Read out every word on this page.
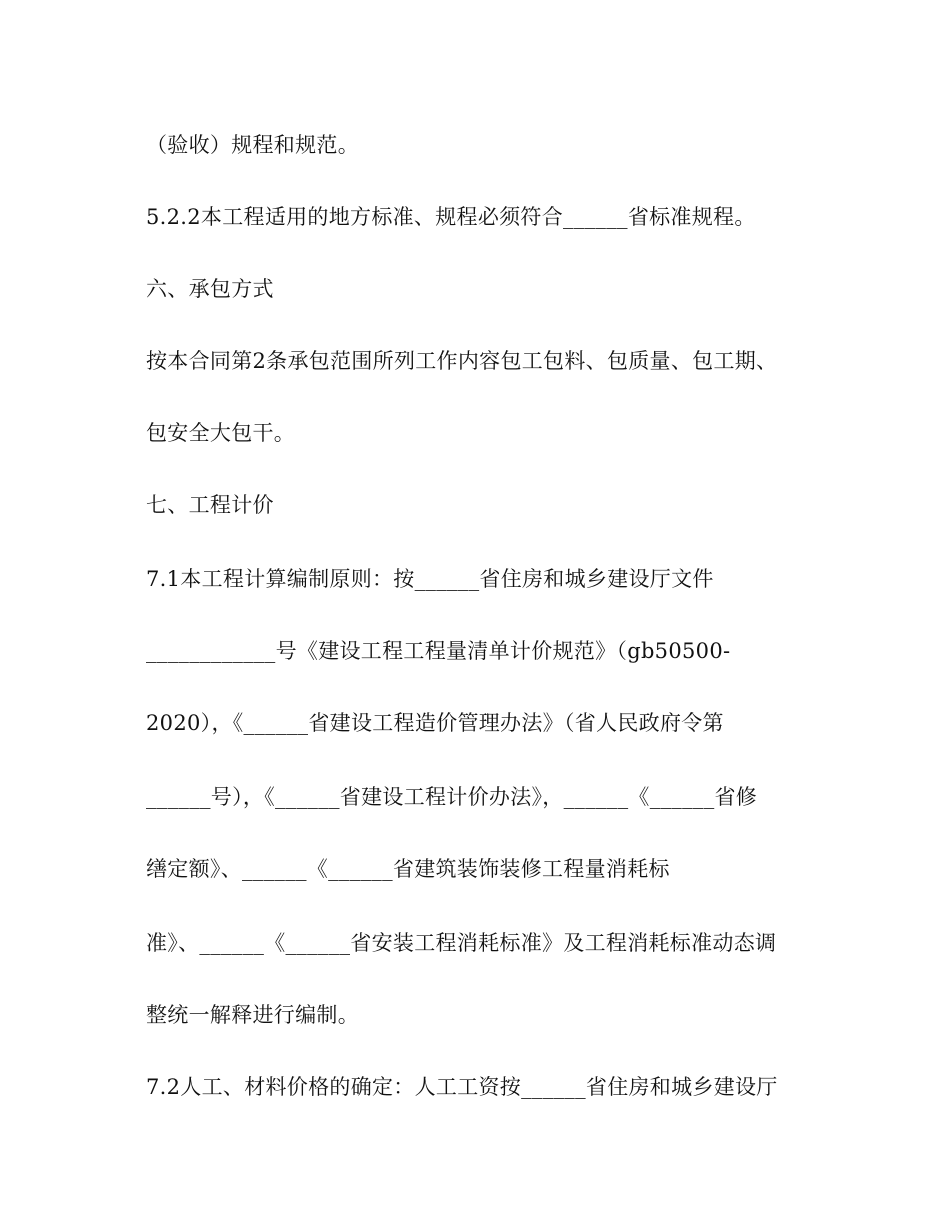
（验收）规程和规范。
5.2.2本工程适用的地方标准、规程必须符合______省标准规程。
六、承包方式
按本合同第2条承包范围所列工作内容包工包料、包质量、包工期、
包安全大包干。
七、工程计价
7.1本工程计算编制原则：按______省住房和城乡建设厅文件
____________号《建设工程工程量清单计价规范》（gb50500-
2020），《______省建设工程造价管理办法》（省人民政府令第
______号），《______省建设工程计价办法》，______《______省修
缮定额》、______《______省建筑装饰装修工程量消耗标
准》、______《______省安装工程消耗标准》及工程消耗标准动态调
整统一解释进行编制。
7.2人工、材料价格的确定：人工工资按______省住房和城乡建设厅
